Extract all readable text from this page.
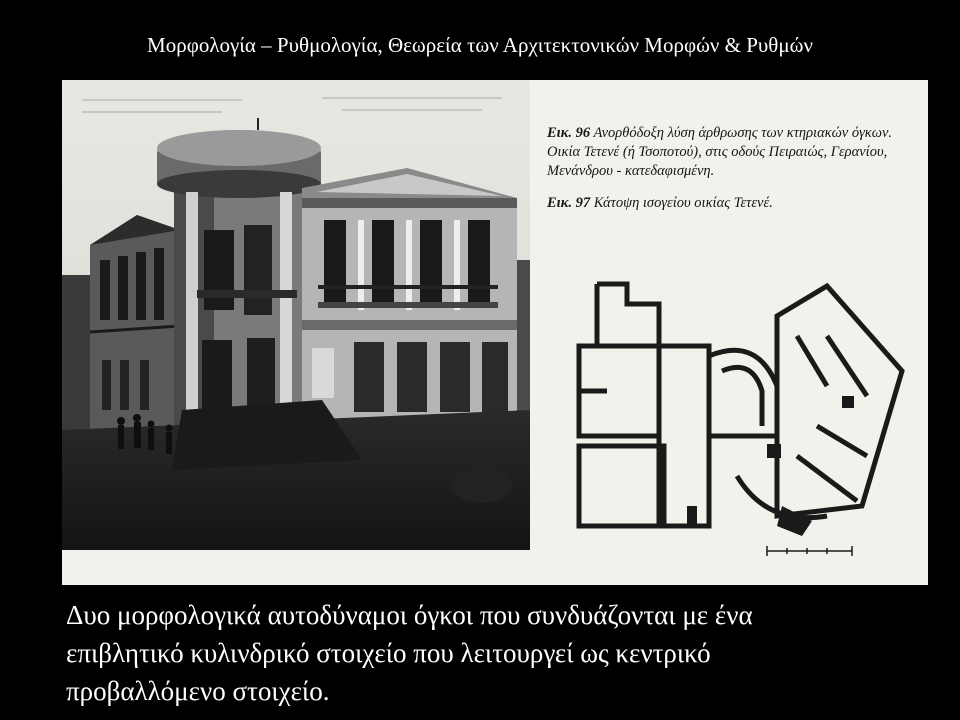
Μορφολογία – Ρυθμολογία, Θεωρεία των Αρχιτεκτονικών Μορφών & Ρυθμών

Εικ. 96 Ανορθόδοξη λύση άρθρωσης των κτηριακών όγκων. Οικία Τετενέ (ή Τσοποτού), στις οδούς Πειραιώς, Γερανίου, Μενάνδρου - κατεδαφισμένη.

Εικ. 97 Κάτοψη ισογείου οικίας Τετενέ.

Δυο μορφολογικά αυτοδύναμοι όγκοι που συνδυάζονται με ένα
επιβλητικό κυλινδρικό στοιχείο που λειτουργεί ως κεντρικό
προβαλλόμενο στοιχείο.
